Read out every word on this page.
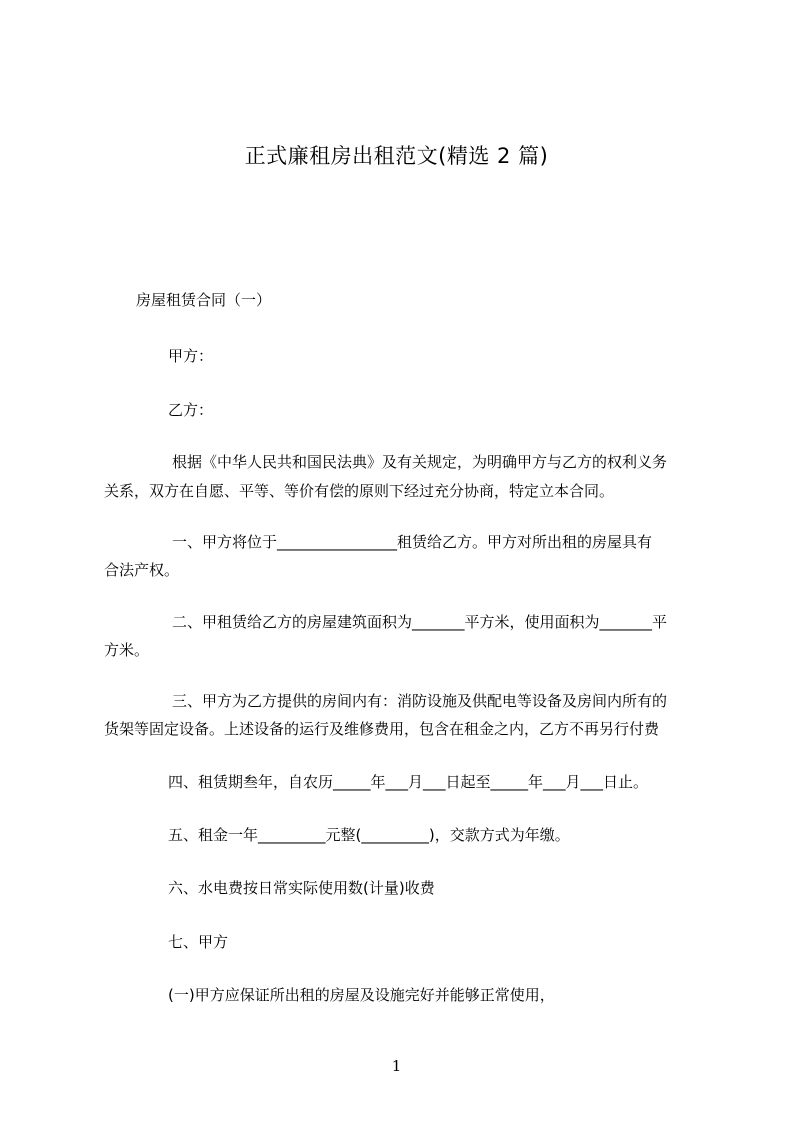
正式廉租房出租范文(精选 2 篇)
房屋租赁合同（一）
甲方：
乙方：
根据《中华人民共和国民法典》及有关规定，为明确甲方与乙方的权利义务
关系，双方在自愿、平等、等价有偿的原则下经过充分协商，特定立本合同。
一、甲方将位于________________租赁给乙方。甲方对所出租的房屋具有
合法产权。
二、甲租赁给乙方的房屋建筑面积为_______平方米，使用面积为_______平
方米。
三、甲方为乙方提供的房间内有：消防设施及供配电等设备及房间内所有的
货架等固定设备。上述设备的运行及维修费用，包含在租金之内，乙方不再另行付费
四、租赁期叁年，自农历_____年___月___日起至_____年___月___日止。
五、租金一年_________元整(_________)，交款方式为年缴。
六、水电费按日常实际使用数(计量)收费
七、甲方
(一)甲方应保证所出租的房屋及设施完好并能够正常使用，
1
